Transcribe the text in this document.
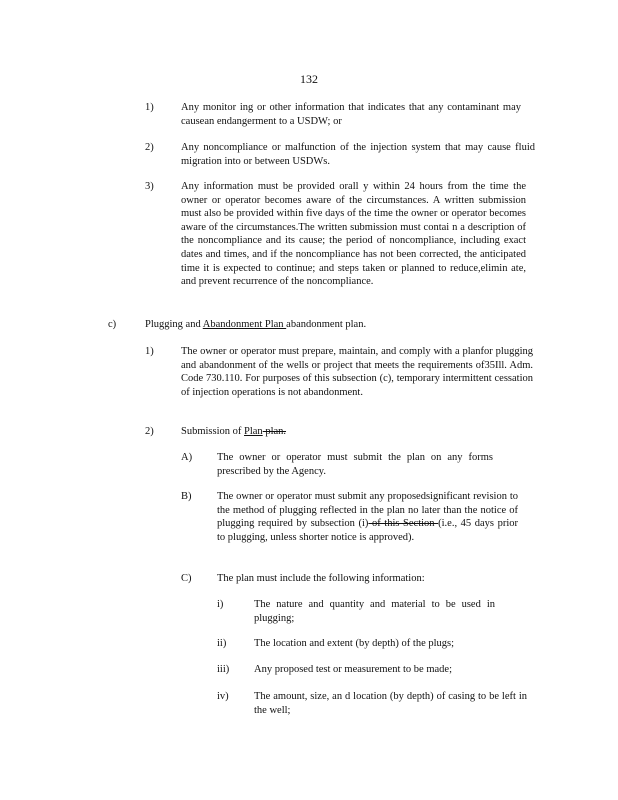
132
1)	Any monitor ing or other information that indicates that any contaminant may causean endangerment to a USDW; or
2)	Any noncompliance or malfunction of the injection system that may cause fluid migration into or between USDWs.
3)	Any information must be provided orall y within 24 hours from the time the owner or operator becomes aware of the circumstances. A written submission must also be provided within five days of the time the owner or operator becomes aware of the circumstances.The written submission must contai n a description of the noncompliance and its cause; the period of noncompliance, including exact dates and times, and if the noncompliance has not been corrected, the anticipated time it is expected to continue; and steps taken or planned to reduce,elimin ate, and prevent recurrence of the noncompliance.
c)	Plugging and Abandonment Plan abandonment plan.
1)	The owner or operator must prepare, maintain, and comply with a planfor plugging and abandonment of the wells or project that meets the requirements of35Ill. Adm. Code 730.110. For purposes of this subsection (c), temporary intermittent cessation of injection operations is not abandonment.
2)	Submission of Plan plan.
A) The owner or operator must submit the plan on any forms prescribed by the Agency.
B) The owner or operator must submit any proposedsignificant revision to the method of plugging reflected in the plan no later than the notice of plugging required by subsection (i) of this Section (i.e., 45 days prior to plugging, unless shorter notice is approved).
C) The plan must include the following information:
i)	The nature and quantity and material to be used in plugging;
ii)	The location and extent (by depth) of the plugs;
iii) Any proposed test or measurement to be made;
iv) The amount, size, an d location (by depth) of casing to be left in the well;
